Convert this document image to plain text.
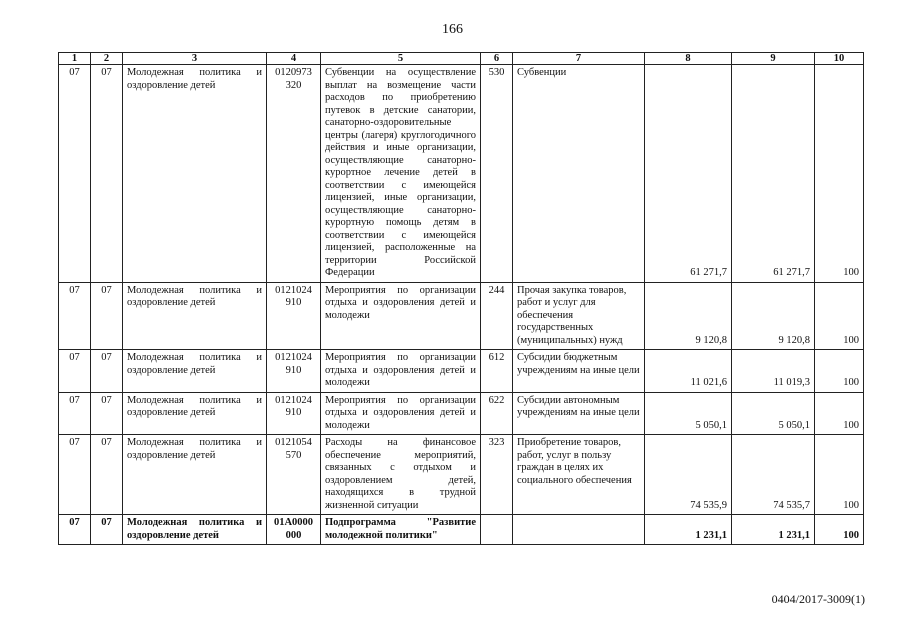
166
1	2	3	4	5	6	7	8	9	10
07	07	Молодежная политика и оздоровление детей	0120973 320	Субвенции на осуществление выплат на возмещение части расходов по приобретению путевок в детские санатории, санаторно-оздоровительные центры (лагеря) круглогодичного действия и иные организации, осуществляющие санаторно-курортное лечение детей в соответствии с имеющейся лицензией, иные организации, осуществляющие санаторно-курортную помощь детям в соответствии с имеющейся лицензией, расположенные на территории Российской Федерации	530	Субвенции	61 271,7	61 271,7	100
07	07	Молодежная политика и оздоровление детей	0121024 910	Мероприятия по организации отдыха и оздоровления детей и молодежи	244	Прочая закупка товаров, работ и услуг для обеспечения государственных (муниципальных) нужд	9 120,8	9 120,8	100
07	07	Молодежная политика и оздоровление детей	0121024 910	Мероприятия по организации отдыха и оздоровления детей и молодежи	612	Субсидии бюджетным учреждениям на иные цели	11 021,6	11 019,3	100
07	07	Молодежная политика и оздоровление детей	0121024 910	Мероприятия по организации отдыха и оздоровления детей и молодежи	622	Субсидии автономным учреждениям на иные цели	5 050,1	5 050,1	100
07	07	Молодежная политика и оздоровление детей	0121054 570	Расходы на финансовое обеспечение мероприятий, связанных с отдыхом и оздоровлением детей, находящихся в трудной жизненной ситуации	323	Приобретение товаров, работ, услуг в пользу граждан в целях их социального обеспечения	74 535,9	74 535,7	100
07	07	Молодежная политика и оздоровление детей	01А0000 000	Подпрограмма "Развитие молодежной политики"			1 231,1	1 231,1	100
0404/2017-3009(1)
